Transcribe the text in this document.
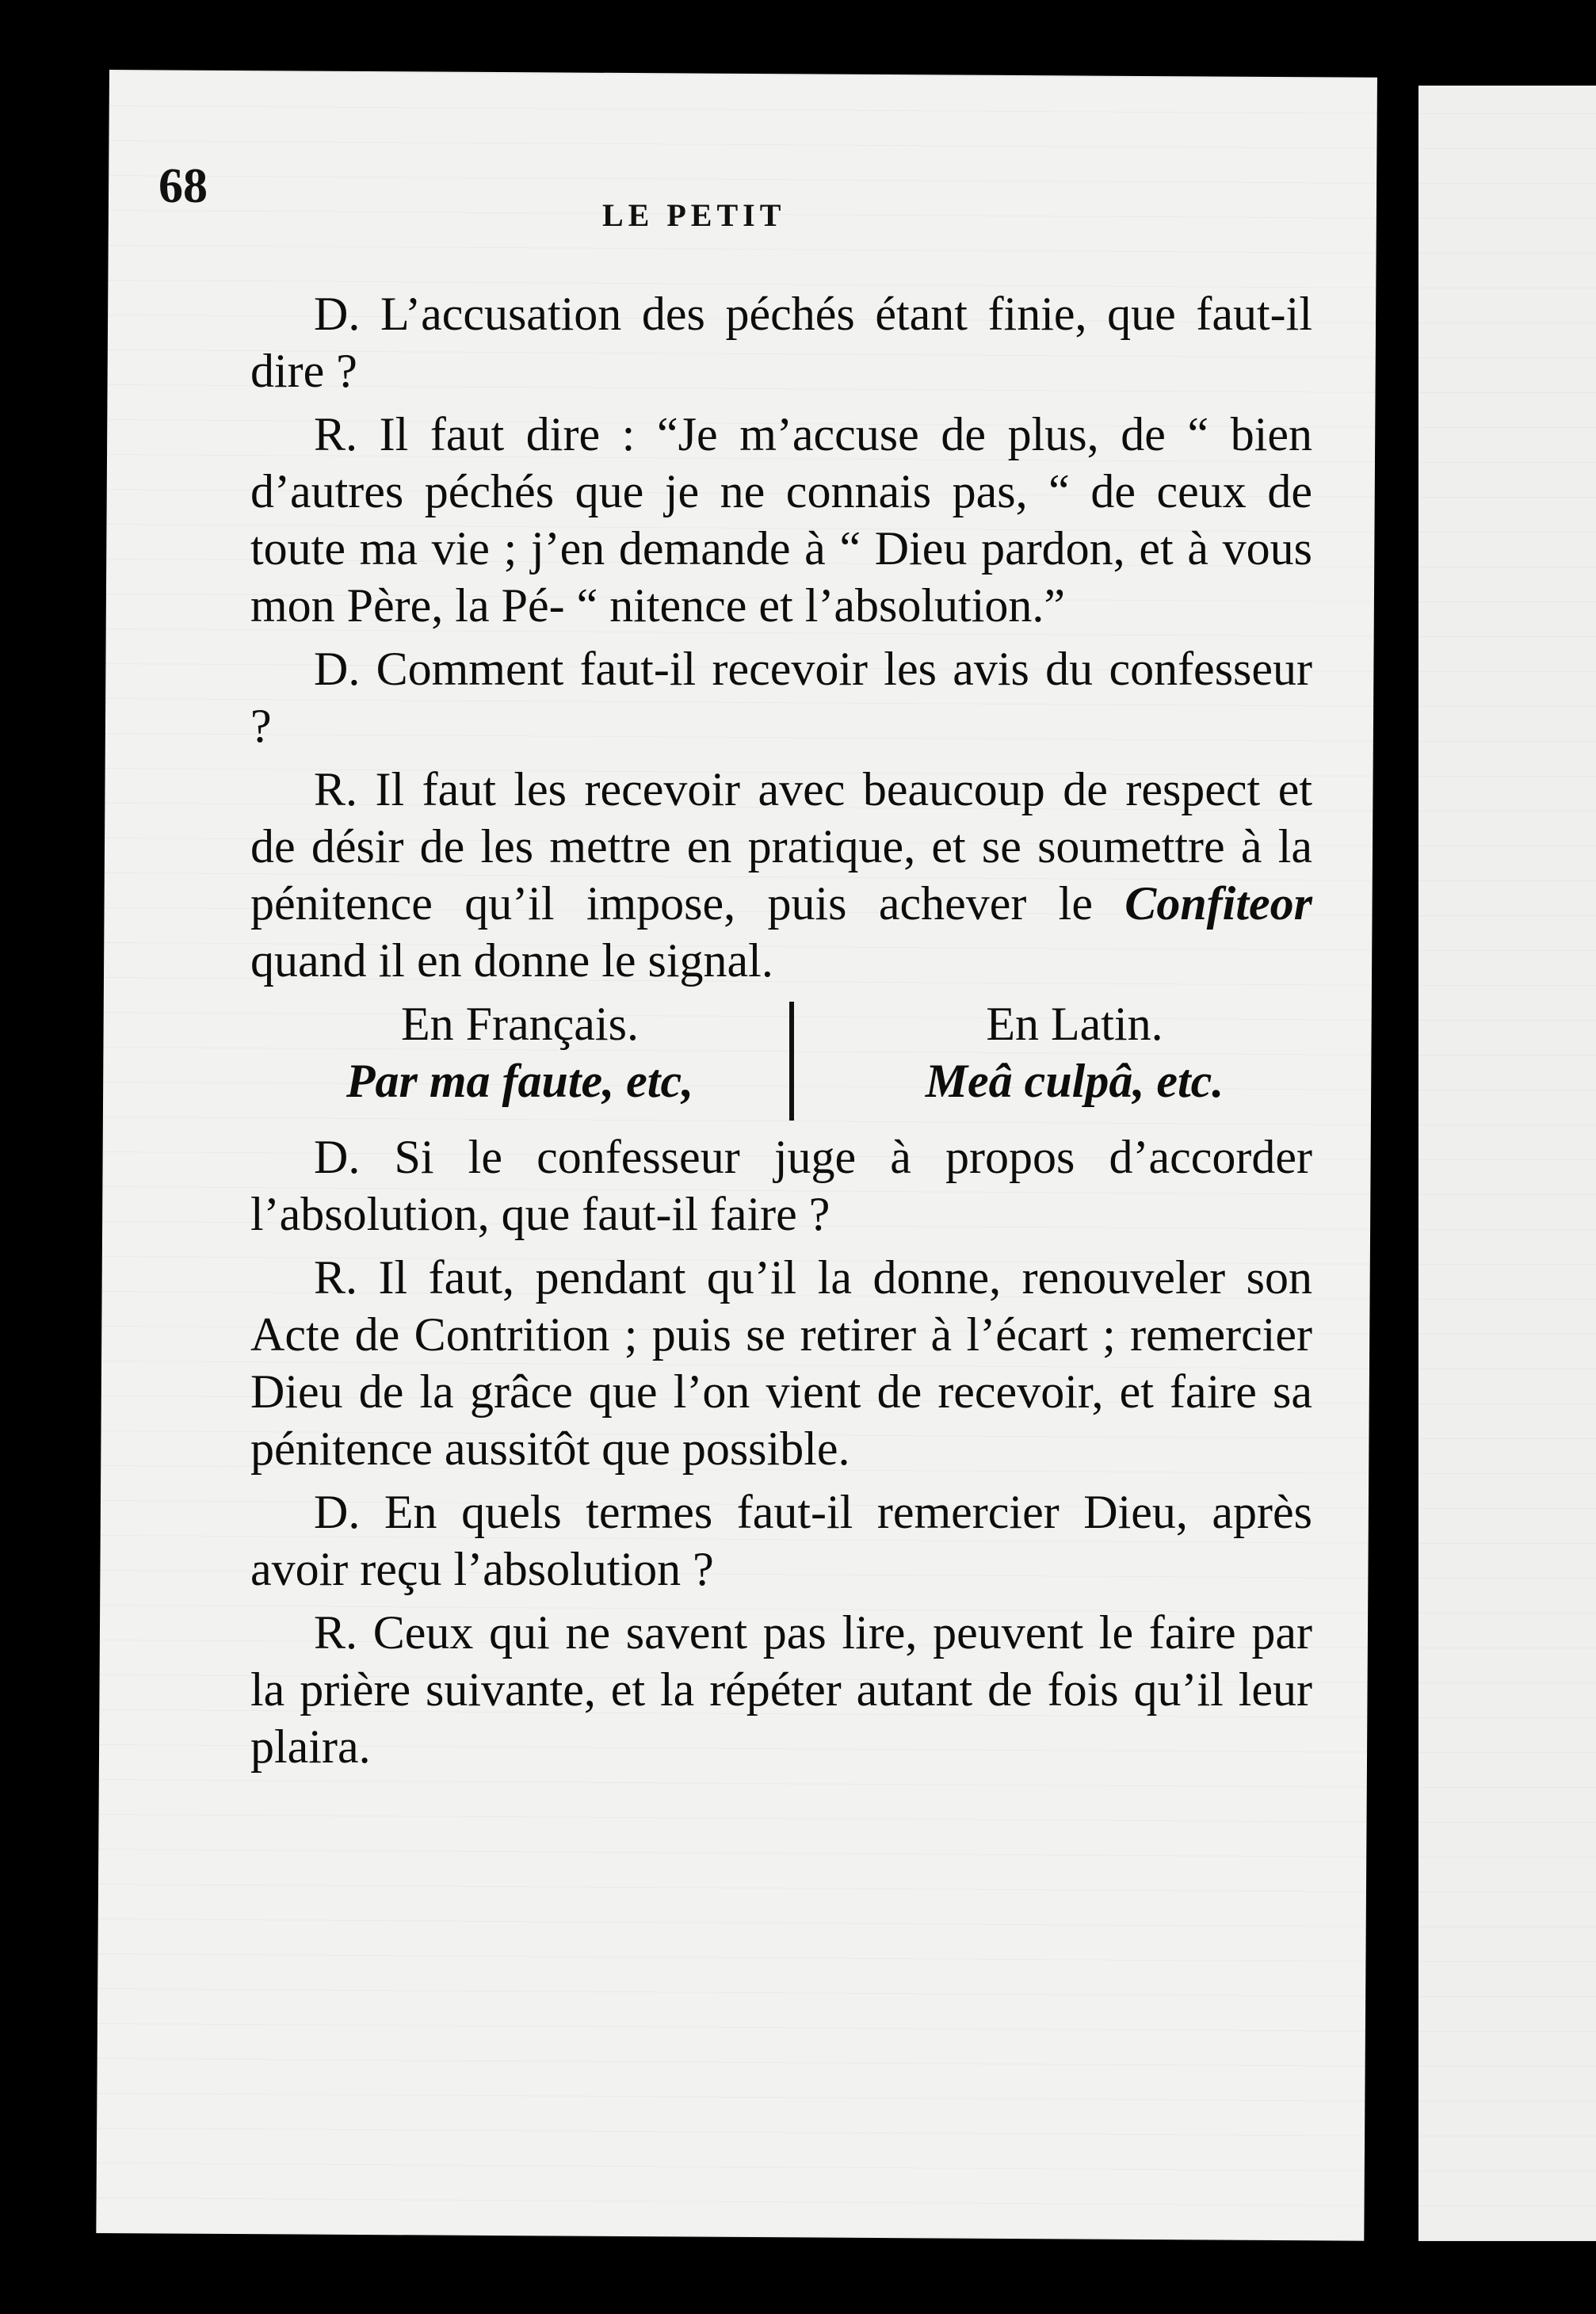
68
LE PETIT

D. L’accusation des péchés étant finie, que faut-il dire ?

R. Il faut dire : “Je m’accuse de plus, de “ bien d’autres péchés que je ne connais pas, “ de ceux de toute ma vie ; j’en demande à “ Dieu pardon, et à vous mon Père, la Pé- “ nitence et l’absolution.”

D. Comment faut-il recevoir les avis du confesseur ?

R. Il faut les recevoir avec beaucoup de respect et de désir de les mettre en pratique, et se soumettre à la pénitence qu’il impose, puis achever le Confiteor quand il en donne le signal.

En Français.
Par ma faute, etc,
En Latin.
Meâ culpâ, etc.

D. Si le confesseur juge à propos d’accorder l’absolution, que faut-il faire ?

R. Il faut, pendant qu’il la donne, renouveler son Acte de Contrition ; puis se retirer à l’écart ; remercier Dieu de la grâce que l’on vient de recevoir, et faire sa pénitence aussitôt que possible.

D. En quels termes faut-il remercier Dieu, après avoir reçu l’absolution ?

R. Ceux qui ne savent pas lire, peuvent le faire par la prière suivante, et la répéter autant de fois qu’il leur plaira.
